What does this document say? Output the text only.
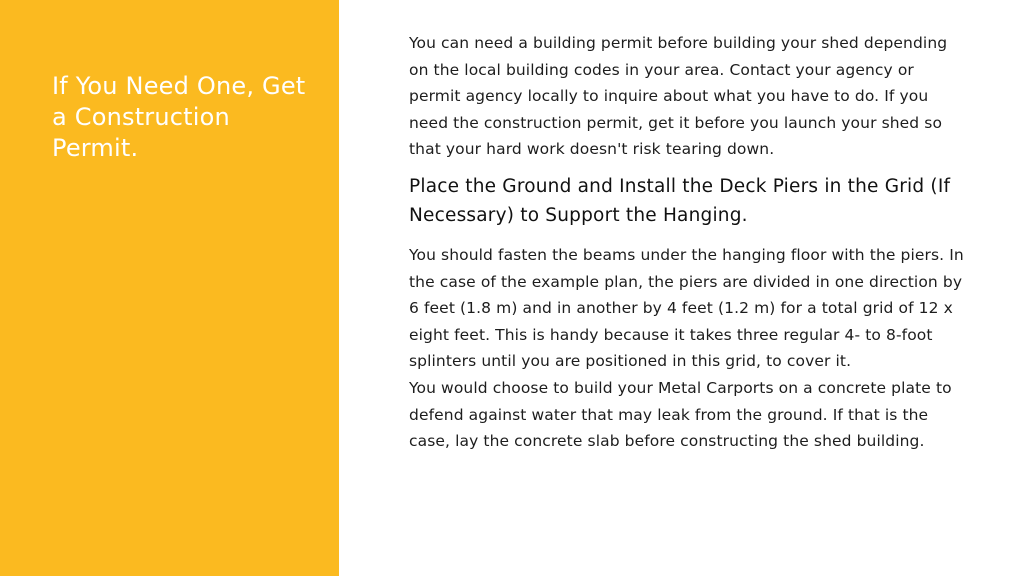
If You Need One, Get a Construction Permit.

You can need a building permit before building your shed depending on the local building codes in your area. Contact your agency or permit agency locally to inquire about what you have to do. If you need the construction permit, get it before you launch your shed so that your hard work doesn't risk tearing down.

Place the Ground and Install the Deck Piers in the Grid (If Necessary) to Support the Hanging.

You should fasten the beams under the hanging floor with the piers. In the case of the example plan, the piers are divided in one direction by 6 feet (1.8 m) and in another by 4 feet (1.2 m) for a total grid of 12 x eight feet. This is handy because it takes three regular 4- to 8-foot splinters until you are positioned in this grid, to cover it.

You would choose to build your Metal Carports on a concrete plate to defend against water that may leak from the ground. If that is the case, lay the concrete slab before constructing the shed building.
